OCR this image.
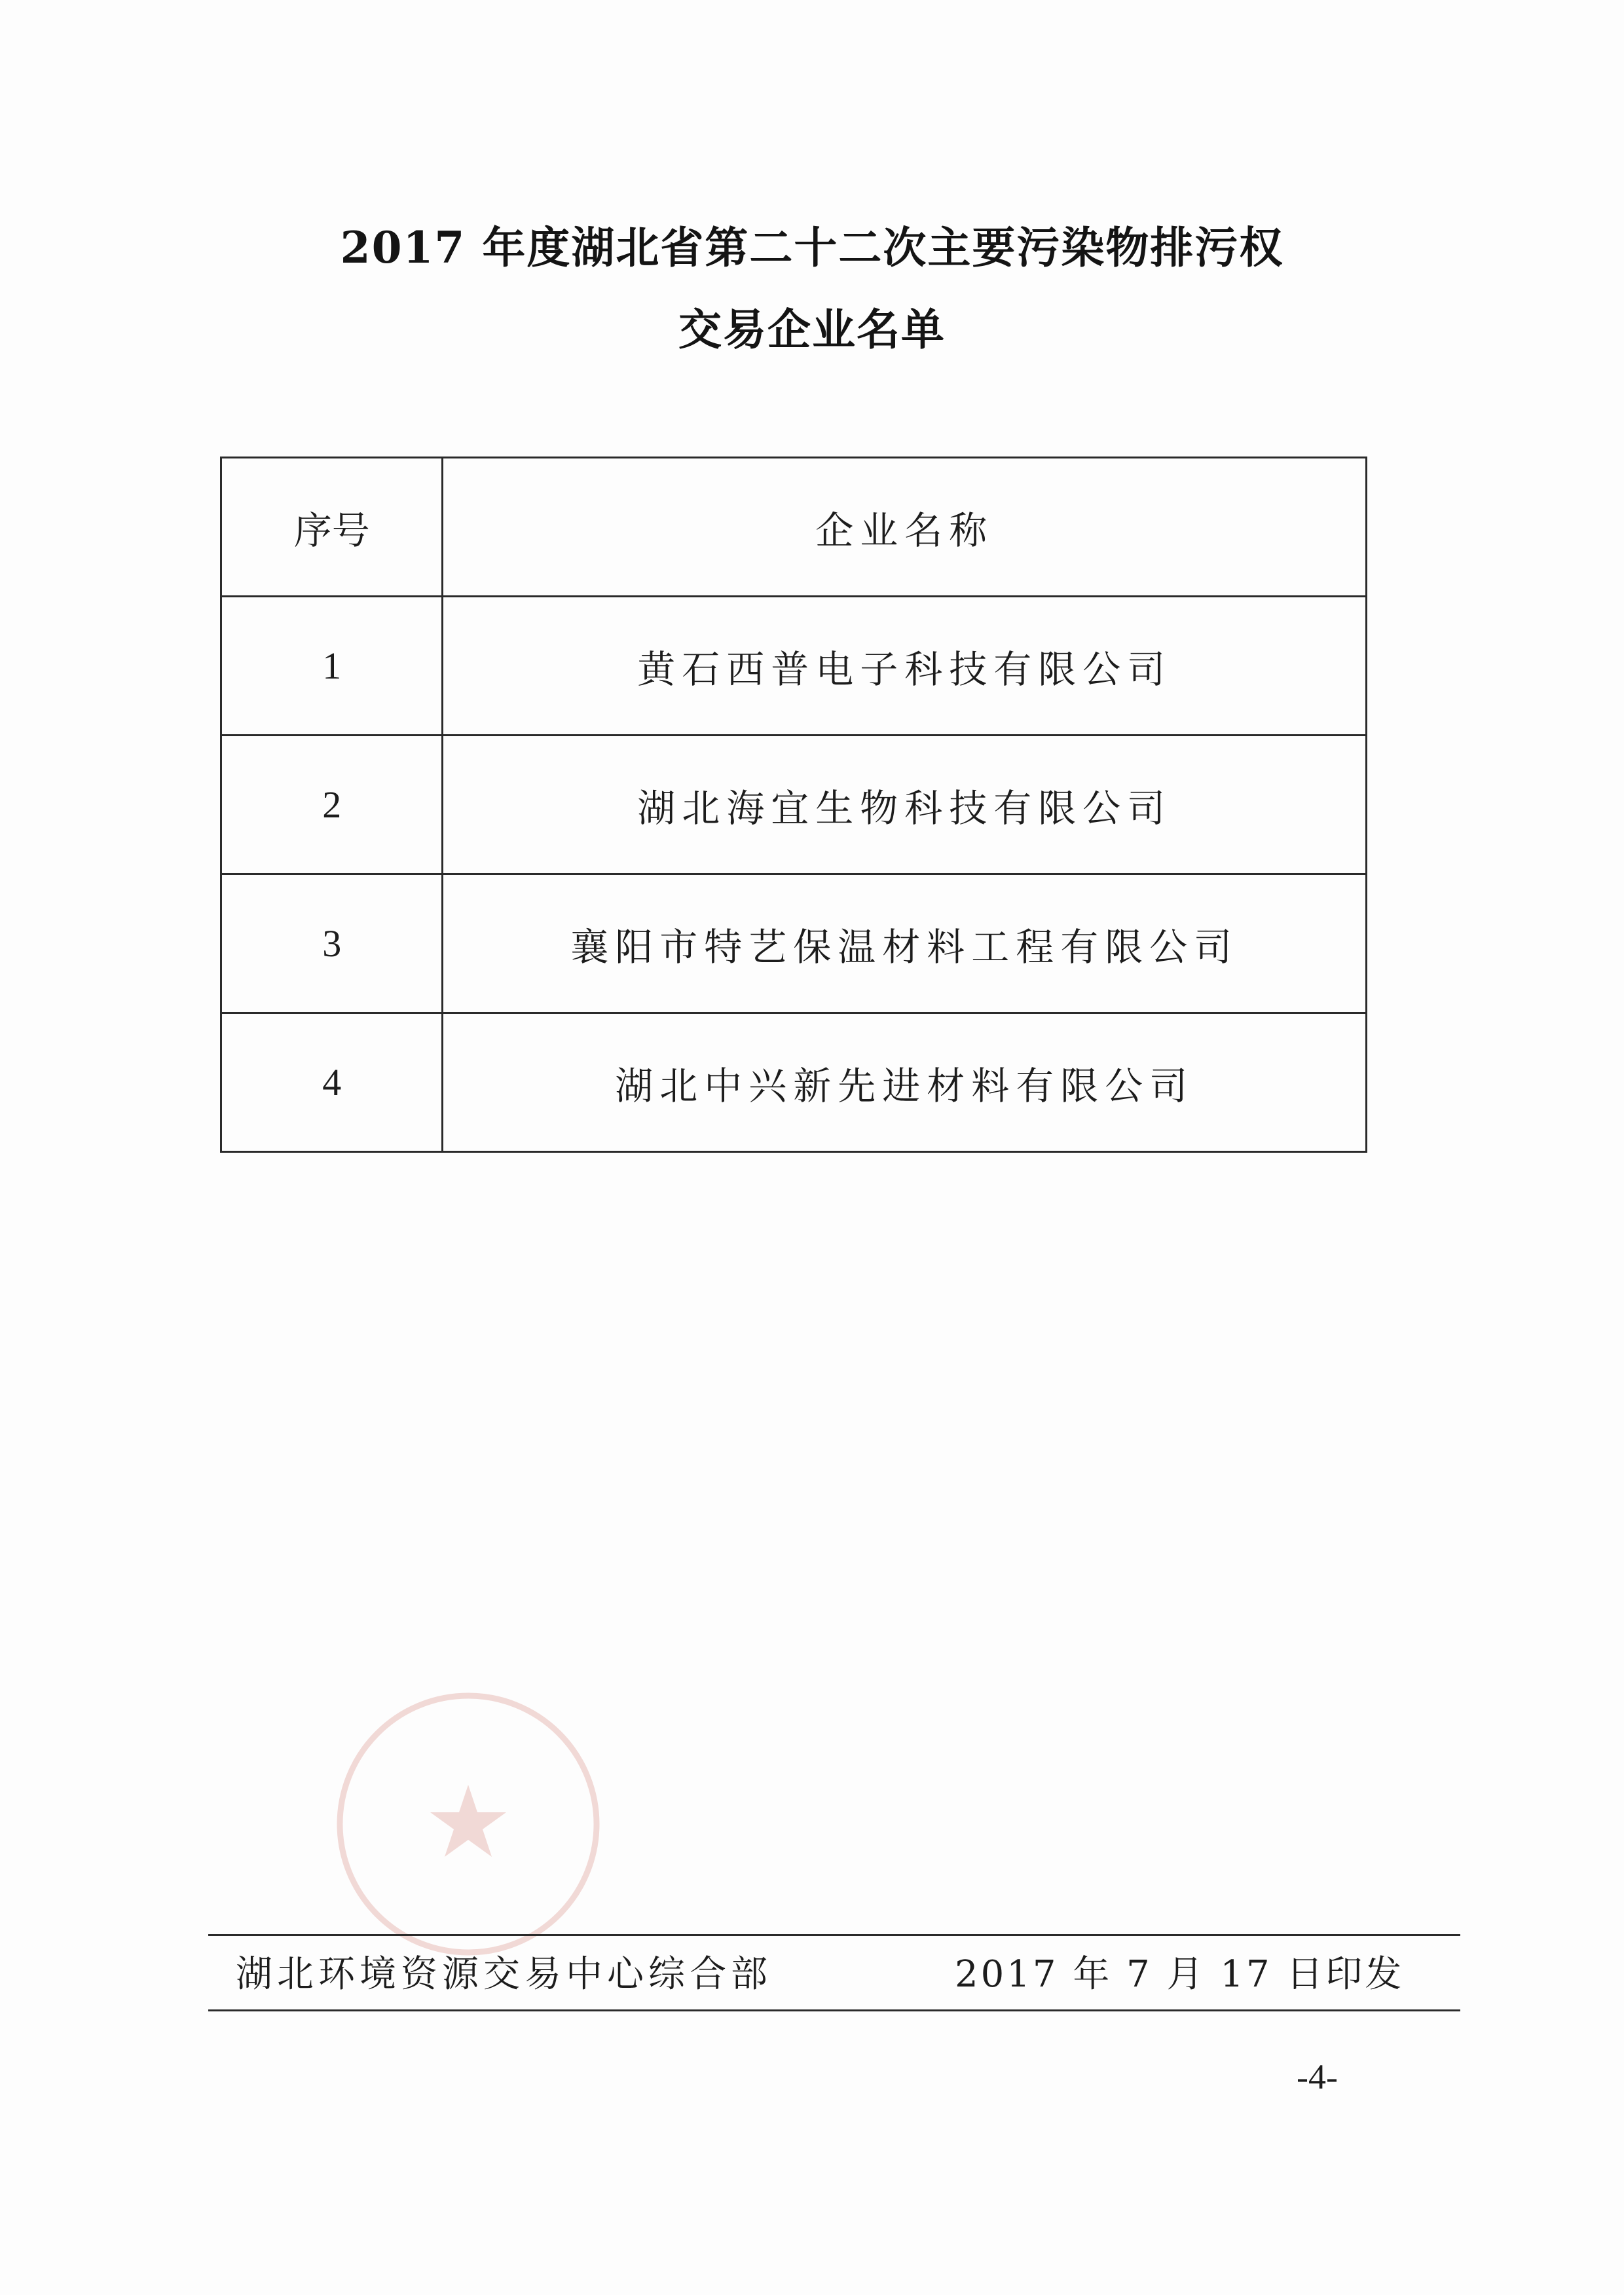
2017 年度湖北省第二十二次主要污染物排污权
交易企业名单
序号	企业名称
1	黄石西普电子科技有限公司
2	湖北海宜生物科技有限公司
3	襄阳市特艺保温材料工程有限公司
4	湖北中兴新先进材料有限公司
湖北环境资源交易中心综合部	2017 年 7 月 17 日印发
-4-
